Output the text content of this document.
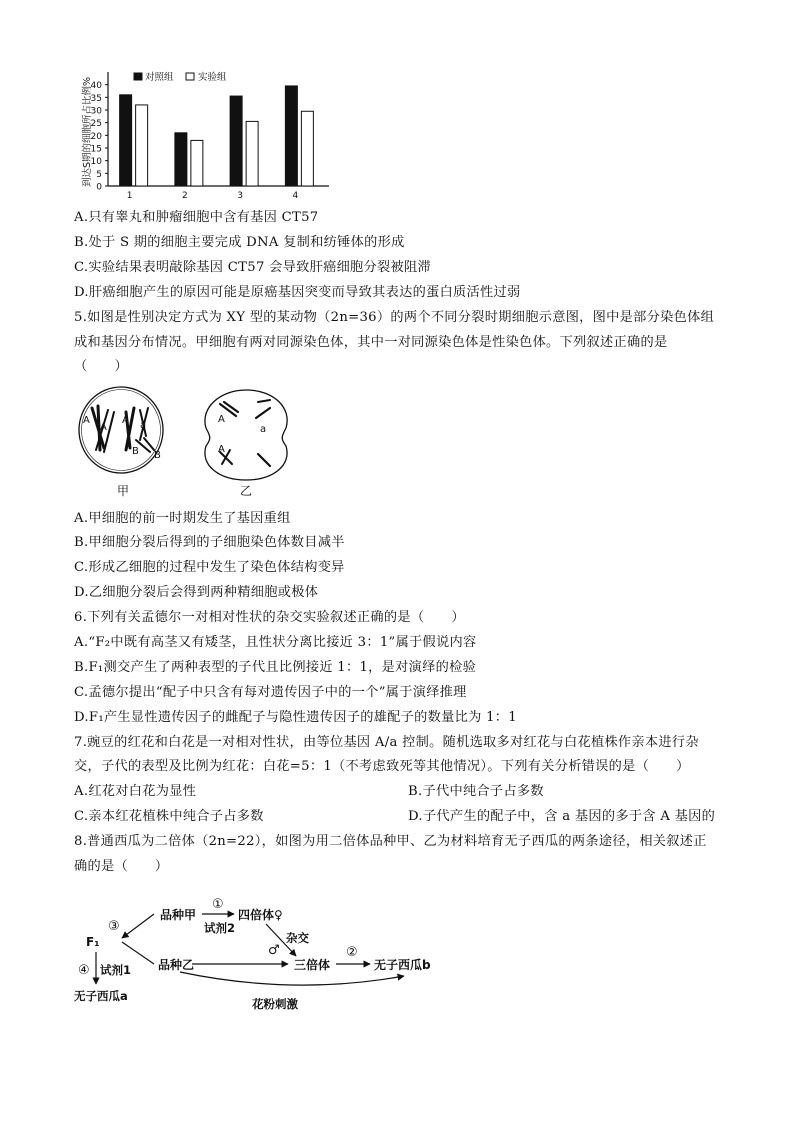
到达S期的细胞所占比例%
0
5
10
15
20
25
30
35
40
1	2	3	4
对照组	实验组
A.只有睾丸和肿瘤细胞中含有基因 CT57
B.处于 S 期的细胞主要完成 DNA 复制和纺锤体的形成
C.实验结果表明敲除基因 CT57 会导致肝癌细胞分裂被阻滞
D.肝癌细胞产生的原因可能是原癌基因突变而导致其表达的蛋白质活性过弱
5.如图是性别决定方式为 XY 型的某动物（2n=36）的两个不同分裂时期细胞示意图，图中是部分染色体组
成和基因分布情况。甲细胞有两对同源染色体，其中一对同源染色体是性染色体。下列叙述正确的是
（　　）
A
A
A a
B B
甲
A
a
A
乙
A.甲细胞的前一时期发生了基因重组
B.甲细胞分裂后得到的子细胞染色体数目减半
C.形成乙细胞的过程中发生了染色体结构变异
D.乙细胞分裂后会得到两种精细胞或极体
6.下列有关孟德尔一对相对性状的杂交实验叙述正确的是（　　）
A.“F₂中既有高茎又有矮茎，且性状分离比接近 3：1”属于假说内容
B.F₁测交产生了两种表型的子代且比例接近 1：1，是对演绎的检验
C.孟德尔提出“配子中只含有每对遗传因子中的一个”属于演绎推理
D.F₁产生显性遗传因子的雌配子与隐性遗传因子的雄配子的数量比为 1：1
7.豌豆的红花和白花是一对相对性状，由等位基因 A/a 控制。随机选取多对红花与白花植株作亲本进行杂
交，子代的表型及比例为红花：白花=5：1（不考虑致死等其他情况）。下列有关分析错误的是（　　）
A.红花对白花为显性	B.子代中纯合子占多数
C.亲本红花植株中纯合子占多数	D.子代产生的配子中，含 a 基因的多于含 A 基因的
8.普通西瓜为二倍体（2n=22），如图为用二倍体品种甲、乙为材料培育无子西瓜的两条途径，相关叙述正
确的是（　　）
③
品种甲
品种乙
F₁
④ 试剂1
无子西瓜a
①
试剂2
四倍体♀
♂
杂交
三倍体
②
无子西瓜b
花粉刺激
